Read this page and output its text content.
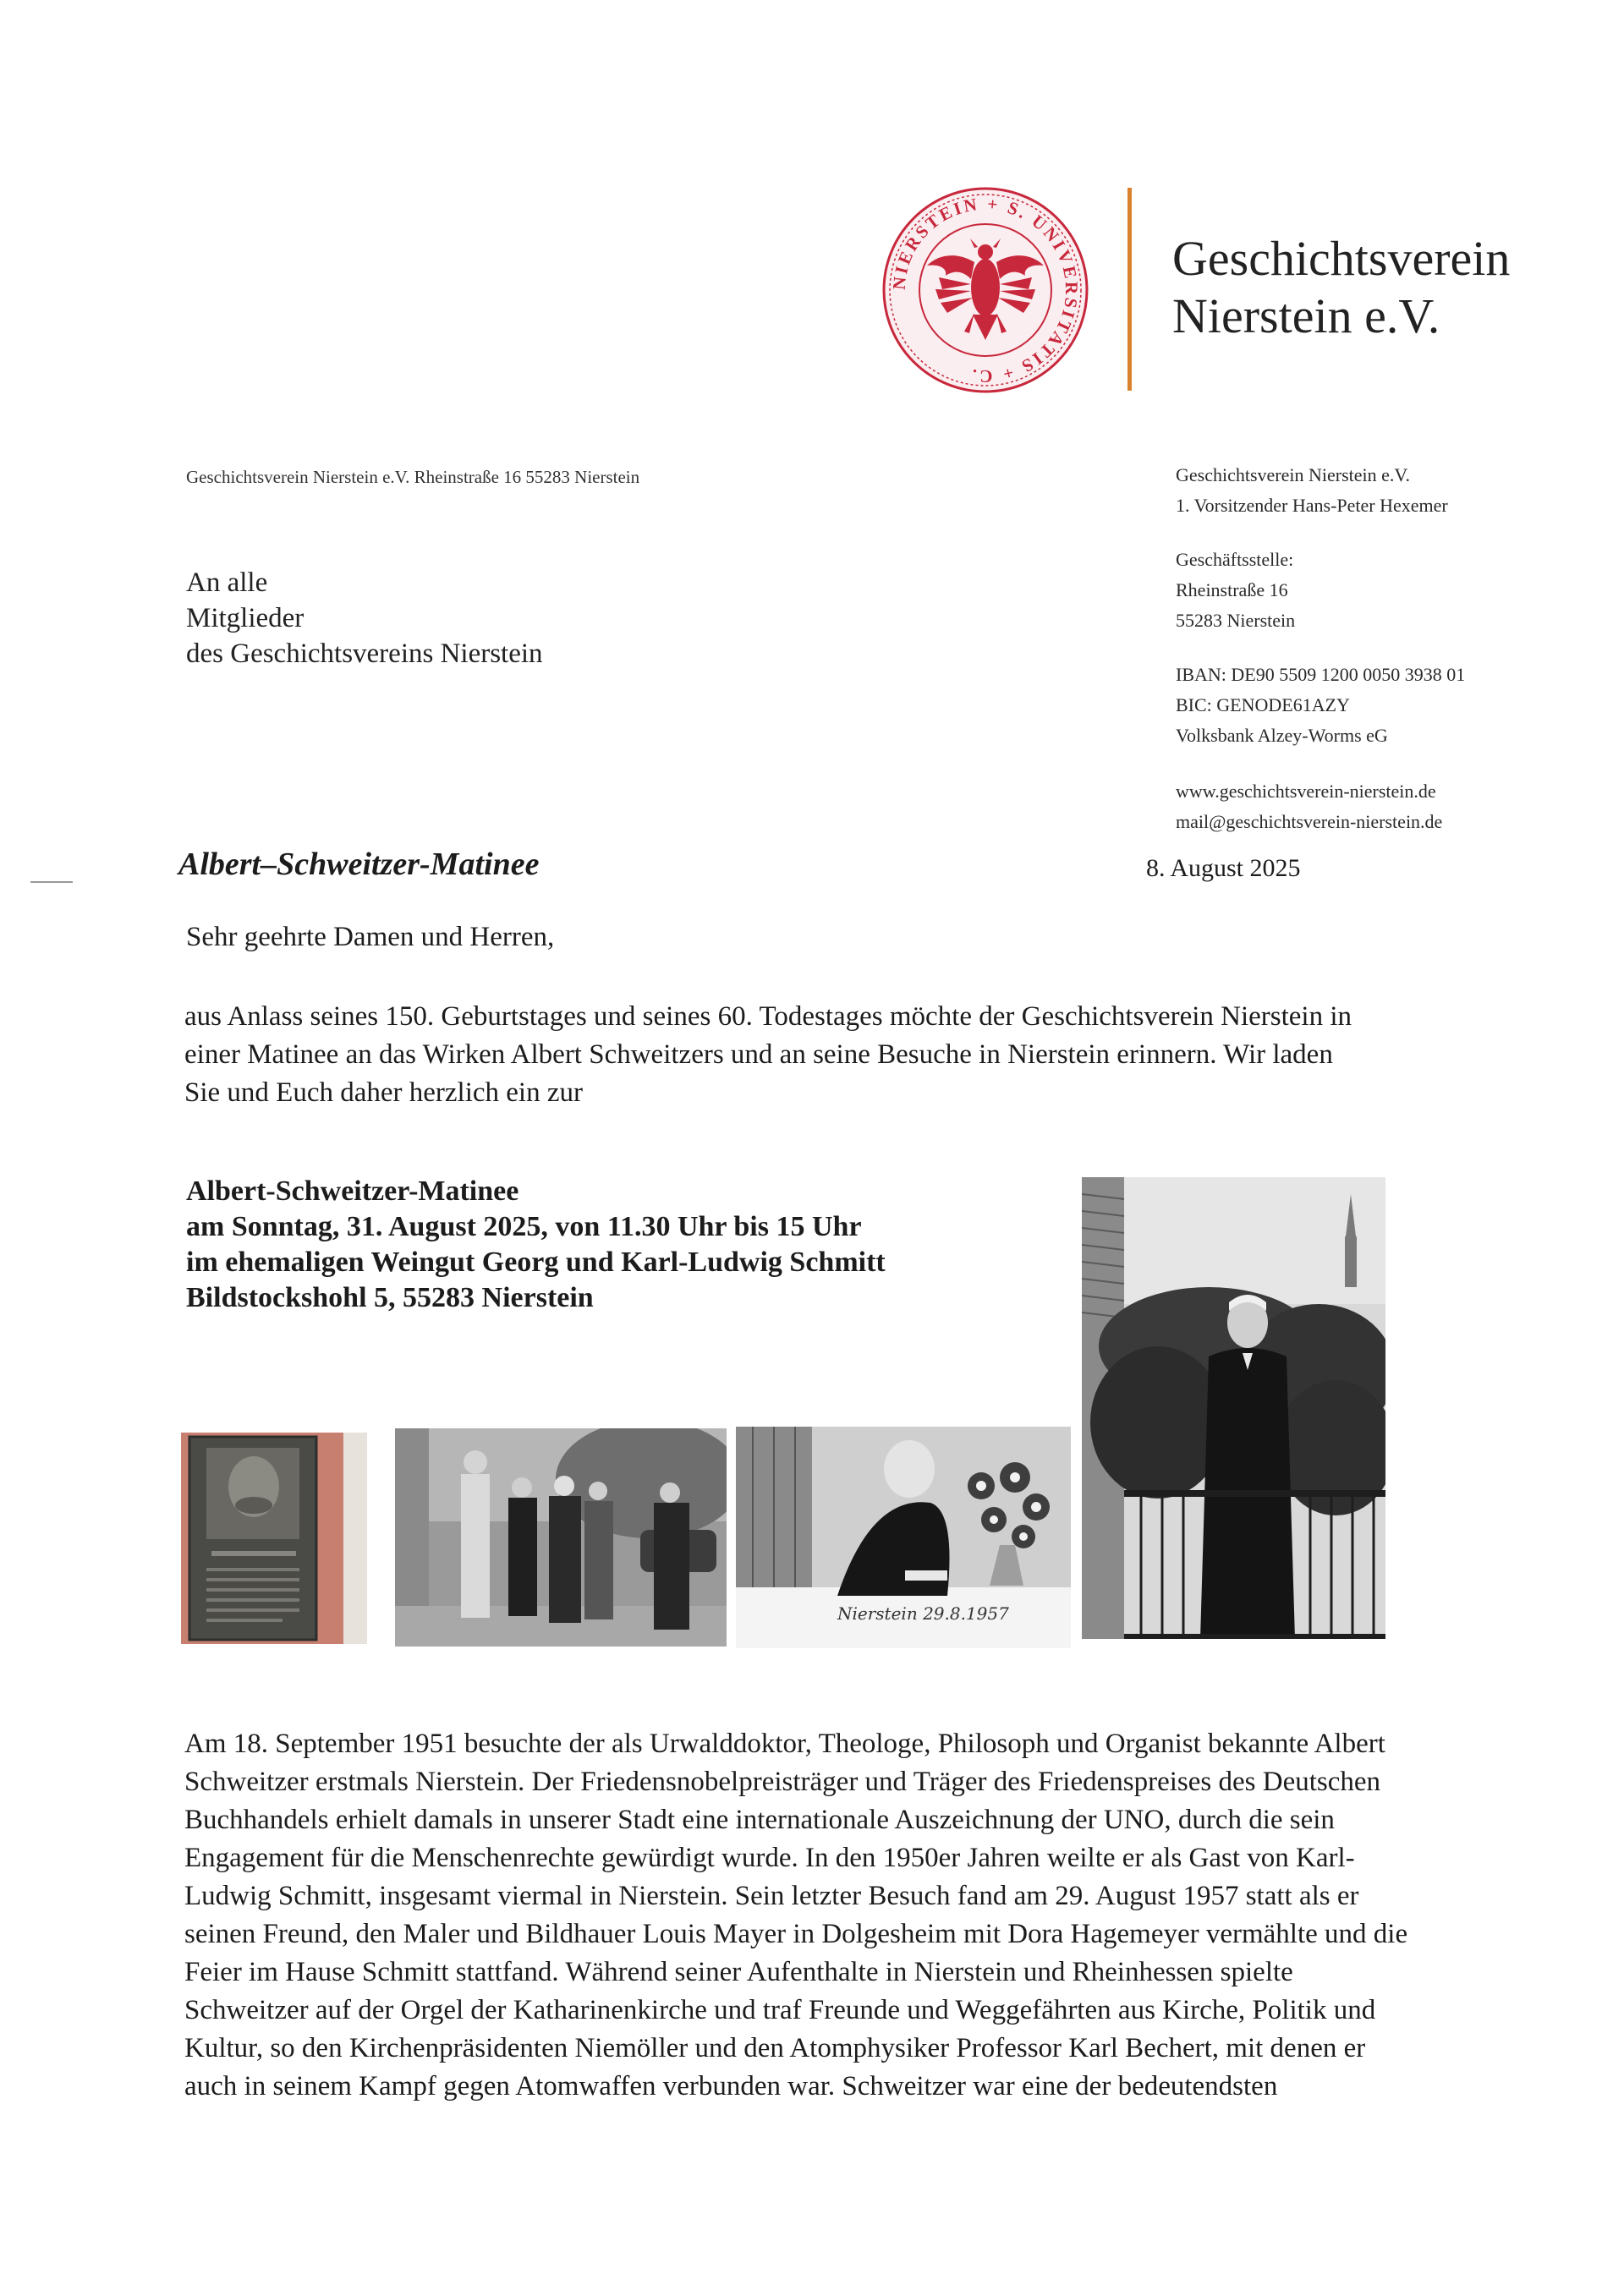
NIERSTEIN + S. UNIVERSITATIS + C.
Geschichtsverein
Nierstein e.V.
Geschichtsverein Nierstein e.V. Rheinstraße 16 55283 Nierstein
An alle
Mitglieder
des Geschichtsvereins Nierstein
Geschichtsverein Nierstein e.V.
1. Vorsitzender Hans-Peter Hexemer
Geschäftsstelle:
Rheinstraße 16
55283 Nierstein
IBAN: DE90 5509 1200 0050 3938 01
BIC: GENODE61AZY
Volksbank Alzey-Worms eG
www.geschichtsverein-nierstein.de
mail@geschichtsverein-nierstein.de
Albert–Schweitzer-Matinee	8. August 2025
Sehr geehrte Damen und Herren,
aus Anlass seines 150. Geburtstages und seines 60. Todestages möchte der Geschichtsverein Nierstein in einer Matinee an das Wirken Albert Schweitzers und an seine Besuche in Nierstein erinnern. Wir laden Sie und Euch daher herzlich ein zur
Albert-Schweitzer-Matinee
am Sonntag, 31. August 2025, von 11.30 Uhr bis 15 Uhr
im ehemaligen Weingut Georg und Karl-Ludwig Schmitt
Bildstockshohl 5, 55283 Nierstein
Nierstein 29.8.1957
Am 18. September 1951 besuchte der als Urwalddoktor, Theologe, Philosoph und Organist bekannte Albert Schweitzer erstmals Nierstein. Der Friedensnobelpreisträger und Träger des Friedenspreises des Deutschen Buchhandels erhielt damals in unserer Stadt eine internationale Auszeichnung der UNO, durch die sein Engagement für die Menschenrechte gewürdigt wurde. In den 1950er Jahren weilte er als Gast von Karl-Ludwig Schmitt, insgesamt viermal in Nierstein. Sein letzter Besuch fand am 29. August 1957 statt als er seinen Freund, den Maler und Bildhauer Louis Mayer in Dolgesheim mit Dora Hagemeyer vermählte und die Feier im Hause Schmitt stattfand. Während seiner Aufenthalte in Nierstein und Rheinhessen spielte Schweitzer auf der Orgel der Katharinenkirche und traf Freunde und Weggefährten aus Kirche, Politik und Kultur, so den Kirchenpräsidenten Niemöller und den Atomphysiker Professor Karl Bechert, mit denen er auch in seinem Kampf gegen Atomwaffen verbunden war. Schweitzer war eine der bedeutendsten
